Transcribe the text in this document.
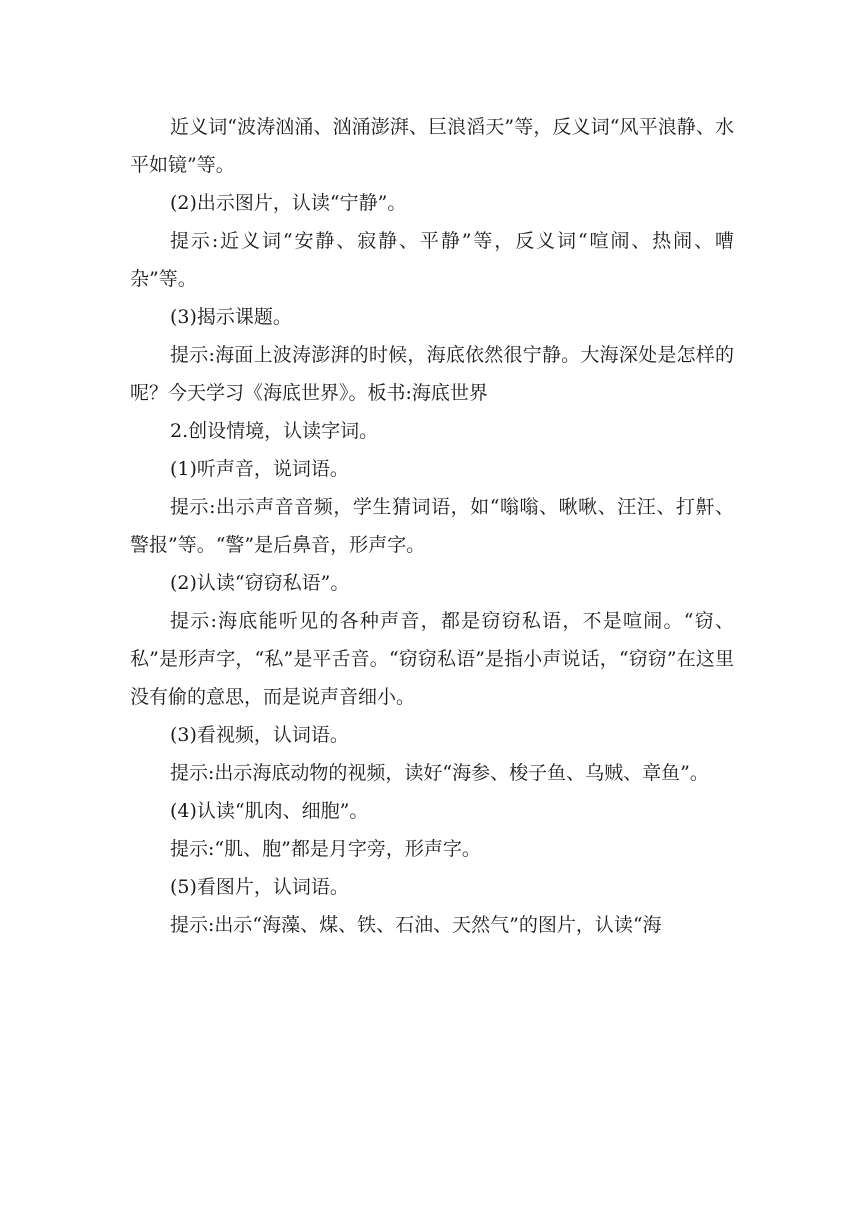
近义词“波涛汹涌、汹涌澎湃、巨浪滔天”等，反义词“风平浪静、水平如镜”等。

(2)出示图片，认读“宁静”。

提示:近义词“安静、寂静、平静”等，反义词“喧闹、热闹、嘈杂”等。

(3)揭示课题。

提示:海面上波涛澎湃的时候，海底依然很宁静。大海深处是怎样的呢？今天学习《海底世界》。板书:海底世界

2.创设情境，认读字词。

(1)听声音，说词语。

提示:出示声音音频，学生猜词语，如“嗡嗡、啾啾、汪汪、打鼾、警报”等。“警”是后鼻音，形声字。

(2)认读“窃窃私语”。

提示:海底能听见的各种声音，都是窃窃私语，不是喧闹。“窃、私”是形声字，“私”是平舌音。“窃窃私语”是指小声说话，“窃窃”在这里没有偷的意思，而是说声音细小。

(3)看视频，认词语。

提示:出示海底动物的视频，读好“海参、梭子鱼、乌贼、章鱼”。

(4)认读“肌肉、细胞”。

提示:“肌、胞”都是月字旁，形声字。

(5)看图片，认词语。

提示:出示“海藻、煤、铁、石油、天然气”的图片，认读“海
